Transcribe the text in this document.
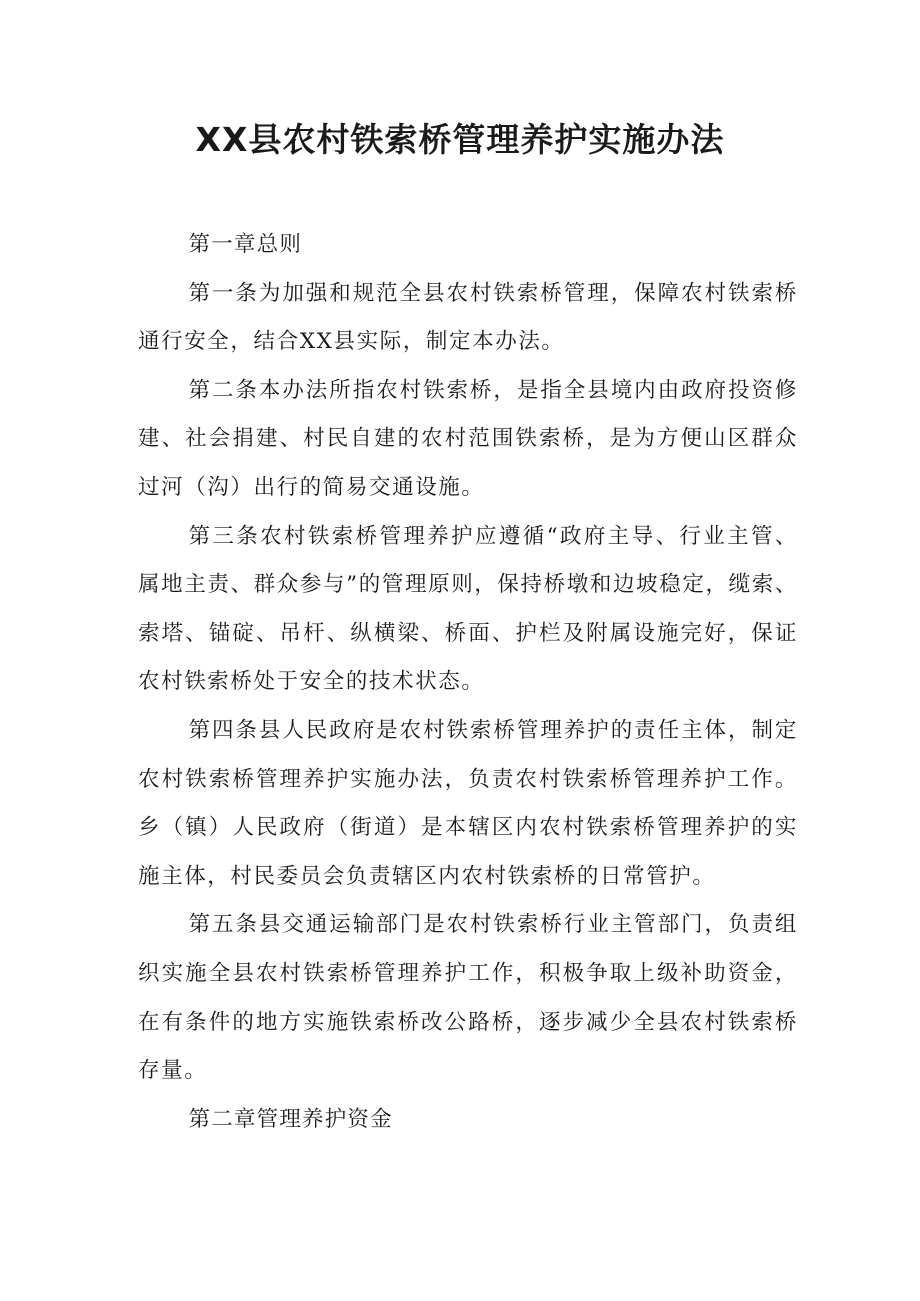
XX县农村铁索桥管理养护实施办法

第一章总则

第一条为加强和规范全县农村铁索桥管理，保障农村铁索桥通行安全，结合XX县实际，制定本办法。

第二条本办法所指农村铁索桥，是指全县境内由政府投资修建、社会捐建、村民自建的农村范围铁索桥，是为方便山区群众过河（沟）出行的简易交通设施。

第三条农村铁索桥管理养护应遵循“政府主导、行业主管、属地主责、群众参与”的管理原则，保持桥墩和边坡稳定，缆索、索塔、锚碇、吊杆、纵横梁、桥面、护栏及附属设施完好，保证农村铁索桥处于安全的技术状态。

第四条县人民政府是农村铁索桥管理养护的责任主体，制定农村铁索桥管理养护实施办法，负责农村铁索桥管理养护工作。乡（镇）人民政府（街道）是本辖区内农村铁索桥管理养护的实施主体，村民委员会负责辖区内农村铁索桥的日常管护。

第五条县交通运输部门是农村铁索桥行业主管部门，负责组织实施全县农村铁索桥管理养护工作，积极争取上级补助资金，在有条件的地方实施铁索桥改公路桥，逐步减少全县农村铁索桥存量。

第二章管理养护资金
